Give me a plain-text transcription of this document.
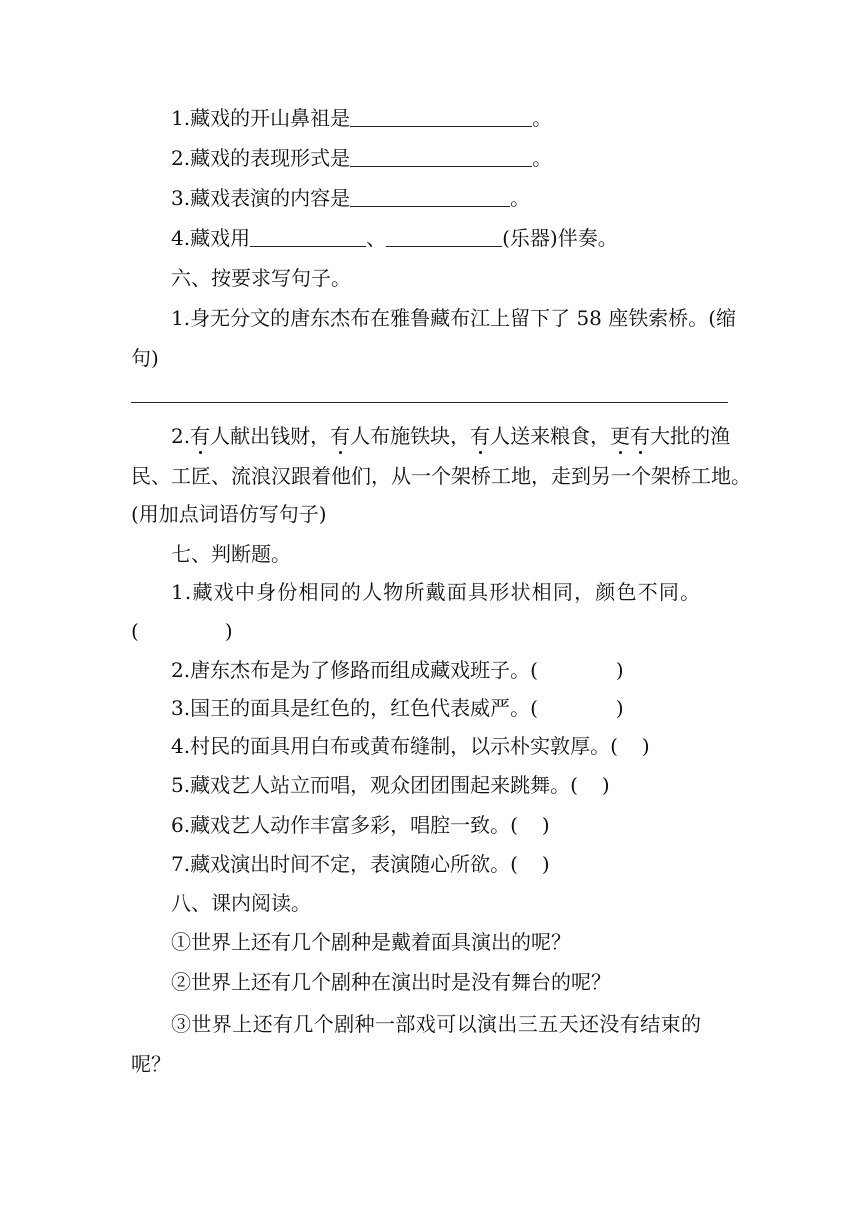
1.藏戏的开山鼻祖是	。
2.藏戏的表现形式是	。
3.藏戏表演的内容是	。
4.藏戏用	、	(乐器)伴奏。
六、按要求写句子。
1.身无分文的唐东杰布在雅鲁藏布江上留下了 58 座铁索桥。(缩
句)
2.有人献出钱财，有人布施铁块，有人送来粮食，更有大批的渔
民、工匠、流浪汉跟着他们，从一个架桥工地，走到另一个架桥工地。
(用加点词语仿写句子)
七、判断题。
1.藏戏中身份相同的人物所戴面具形状相同，颜色不同。
(	)
2.唐东杰布是为了修路而组成藏戏班子。(	)
3.国王的面具是红色的，红色代表威严。(	)
4.村民的面具用白布或黄布缝制，以示朴实敦厚。( )
5.藏戏艺人站立而唱，观众团团围起来跳舞。( )
6.藏戏艺人动作丰富多彩，唱腔一致。( )
7.藏戏演出时间不定，表演随心所欲。( )
八、课内阅读。
①世界上还有几个剧种是戴着面具演出的呢？
②世界上还有几个剧种在演出时是没有舞台的呢？
③世界上还有几个剧种一部戏可以演出三五天还没有结束的
呢？
